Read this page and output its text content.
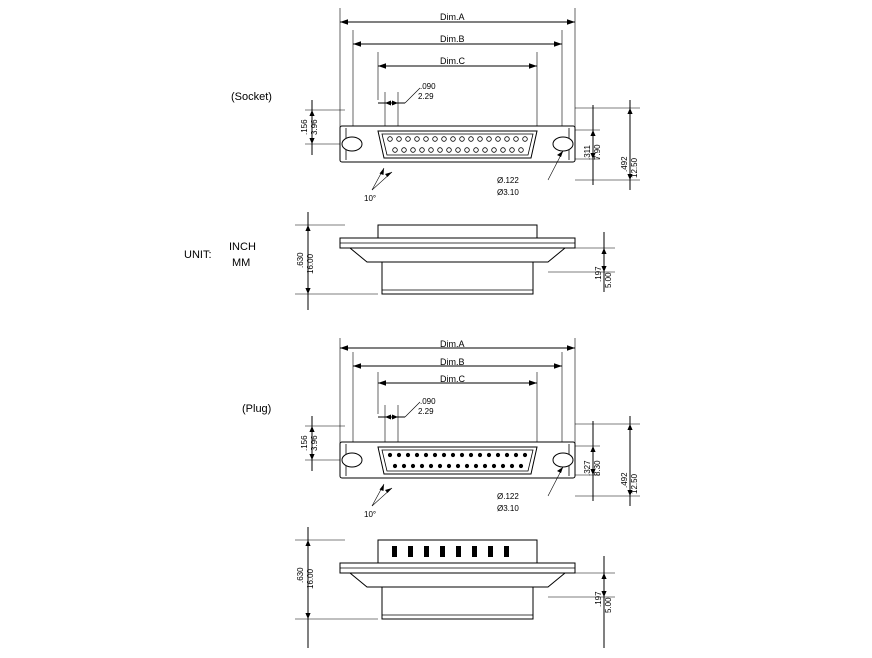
Dim.A
Dim.B
Dim.C
.090
2.29
(Socket)
.156 3.96
.311 7.90
.492 12.50
Ø.122
Ø3.10
10°
UNIT:
INCH
MM	.630 16.00
.197 5.00
Dim.A
Dim.B
Dim.C
.090
2.29
(Plug)
.156 3.96
.327 8.30
.492 12.50
Ø.122
Ø3.10
10°
.630 16.00
.197 5.00
